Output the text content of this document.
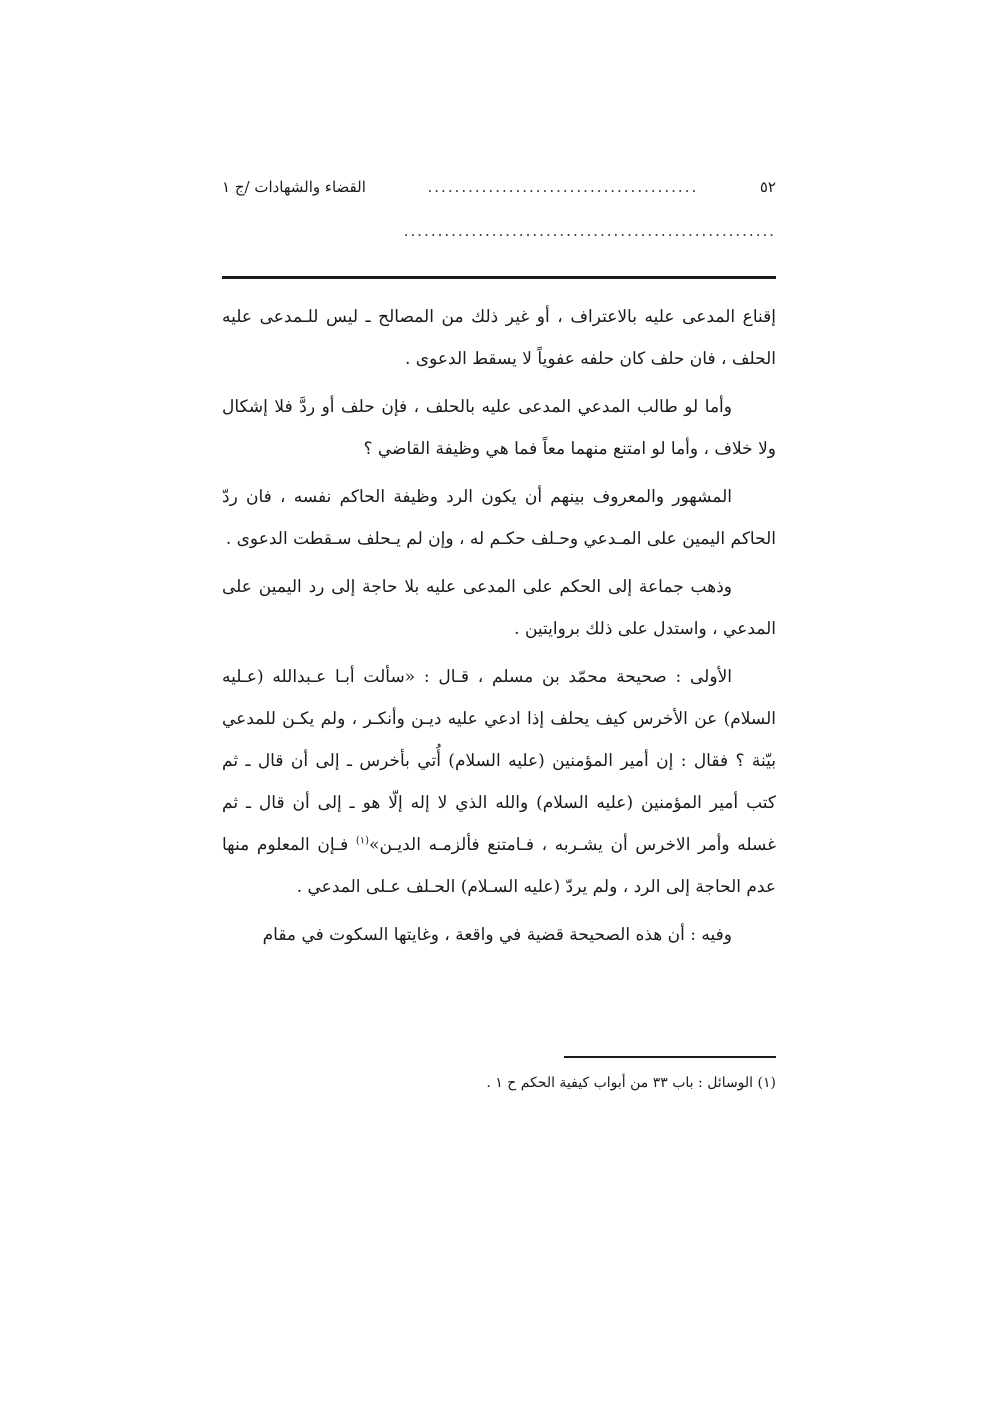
٥٢
........................................
القضاء والشهادات /ج ١
.......................................................

إقناع المدعى عليه بالاعتراف ، أو غير ذلك من المصالح ـ ليس للـمدعى عليه الحلف ، فان حلف كان حلفه عفوياً لا يسقط الدعوى .

وأما لو طالب المدعي المدعى عليه بالحلف ، فإن حلف أو ردَّ فلا إشكال ولا خلاف ، وأما لو امتنع منهما معاً فما هي وظيفة القاضي ؟

المشهور والمعروف بينهم أن يكون الرد وظيفة الحاكم نفسه ، فان ردّ الحاكم اليمين على المـدعي وحـلف حكـم له ، وإن لم يـحلف سـقطت الدعوى .

وذهب جماعة إلى الحكم على المدعى عليه بلا حاجة إلى رد اليمين على المدعي ، واستدل على ذلك بروايتين .

الأولى : صحيحة محمّد بن مسلم ، قـال : «سألت أبـا عـبدالله (عـليه السلام) عن الأخرس كيف يحلف إذا ادعي عليه ديـن وأنكـر ، ولم يكـن للمدعي بيّنة ؟ فقال : إن أمير المؤمنين (عليه السلام) أُتي بأخرس ـ إلى أن قال ـ ثم كتب أمير المؤمنين (عليه السلام) والله الذي لا إله إلّا هو ـ إلى أن قال ـ ثم غسله وأمر الاخرس أن يشـربه ، فـامتنع فألزمـه الديـن»$^{(١)}$ فـإن المعلوم منها عدم الحاجة إلى الرد ، ولم يردّ (عليه السـلام) الحـلف عـلى المدعي .

وفيه : أن هذه الصحيحة قضية في واقعة ، وغايتها السكوت في مقام

(١) الوسائل : باب ٣٣ من أبواب كيفية الحكم ح ١ .
